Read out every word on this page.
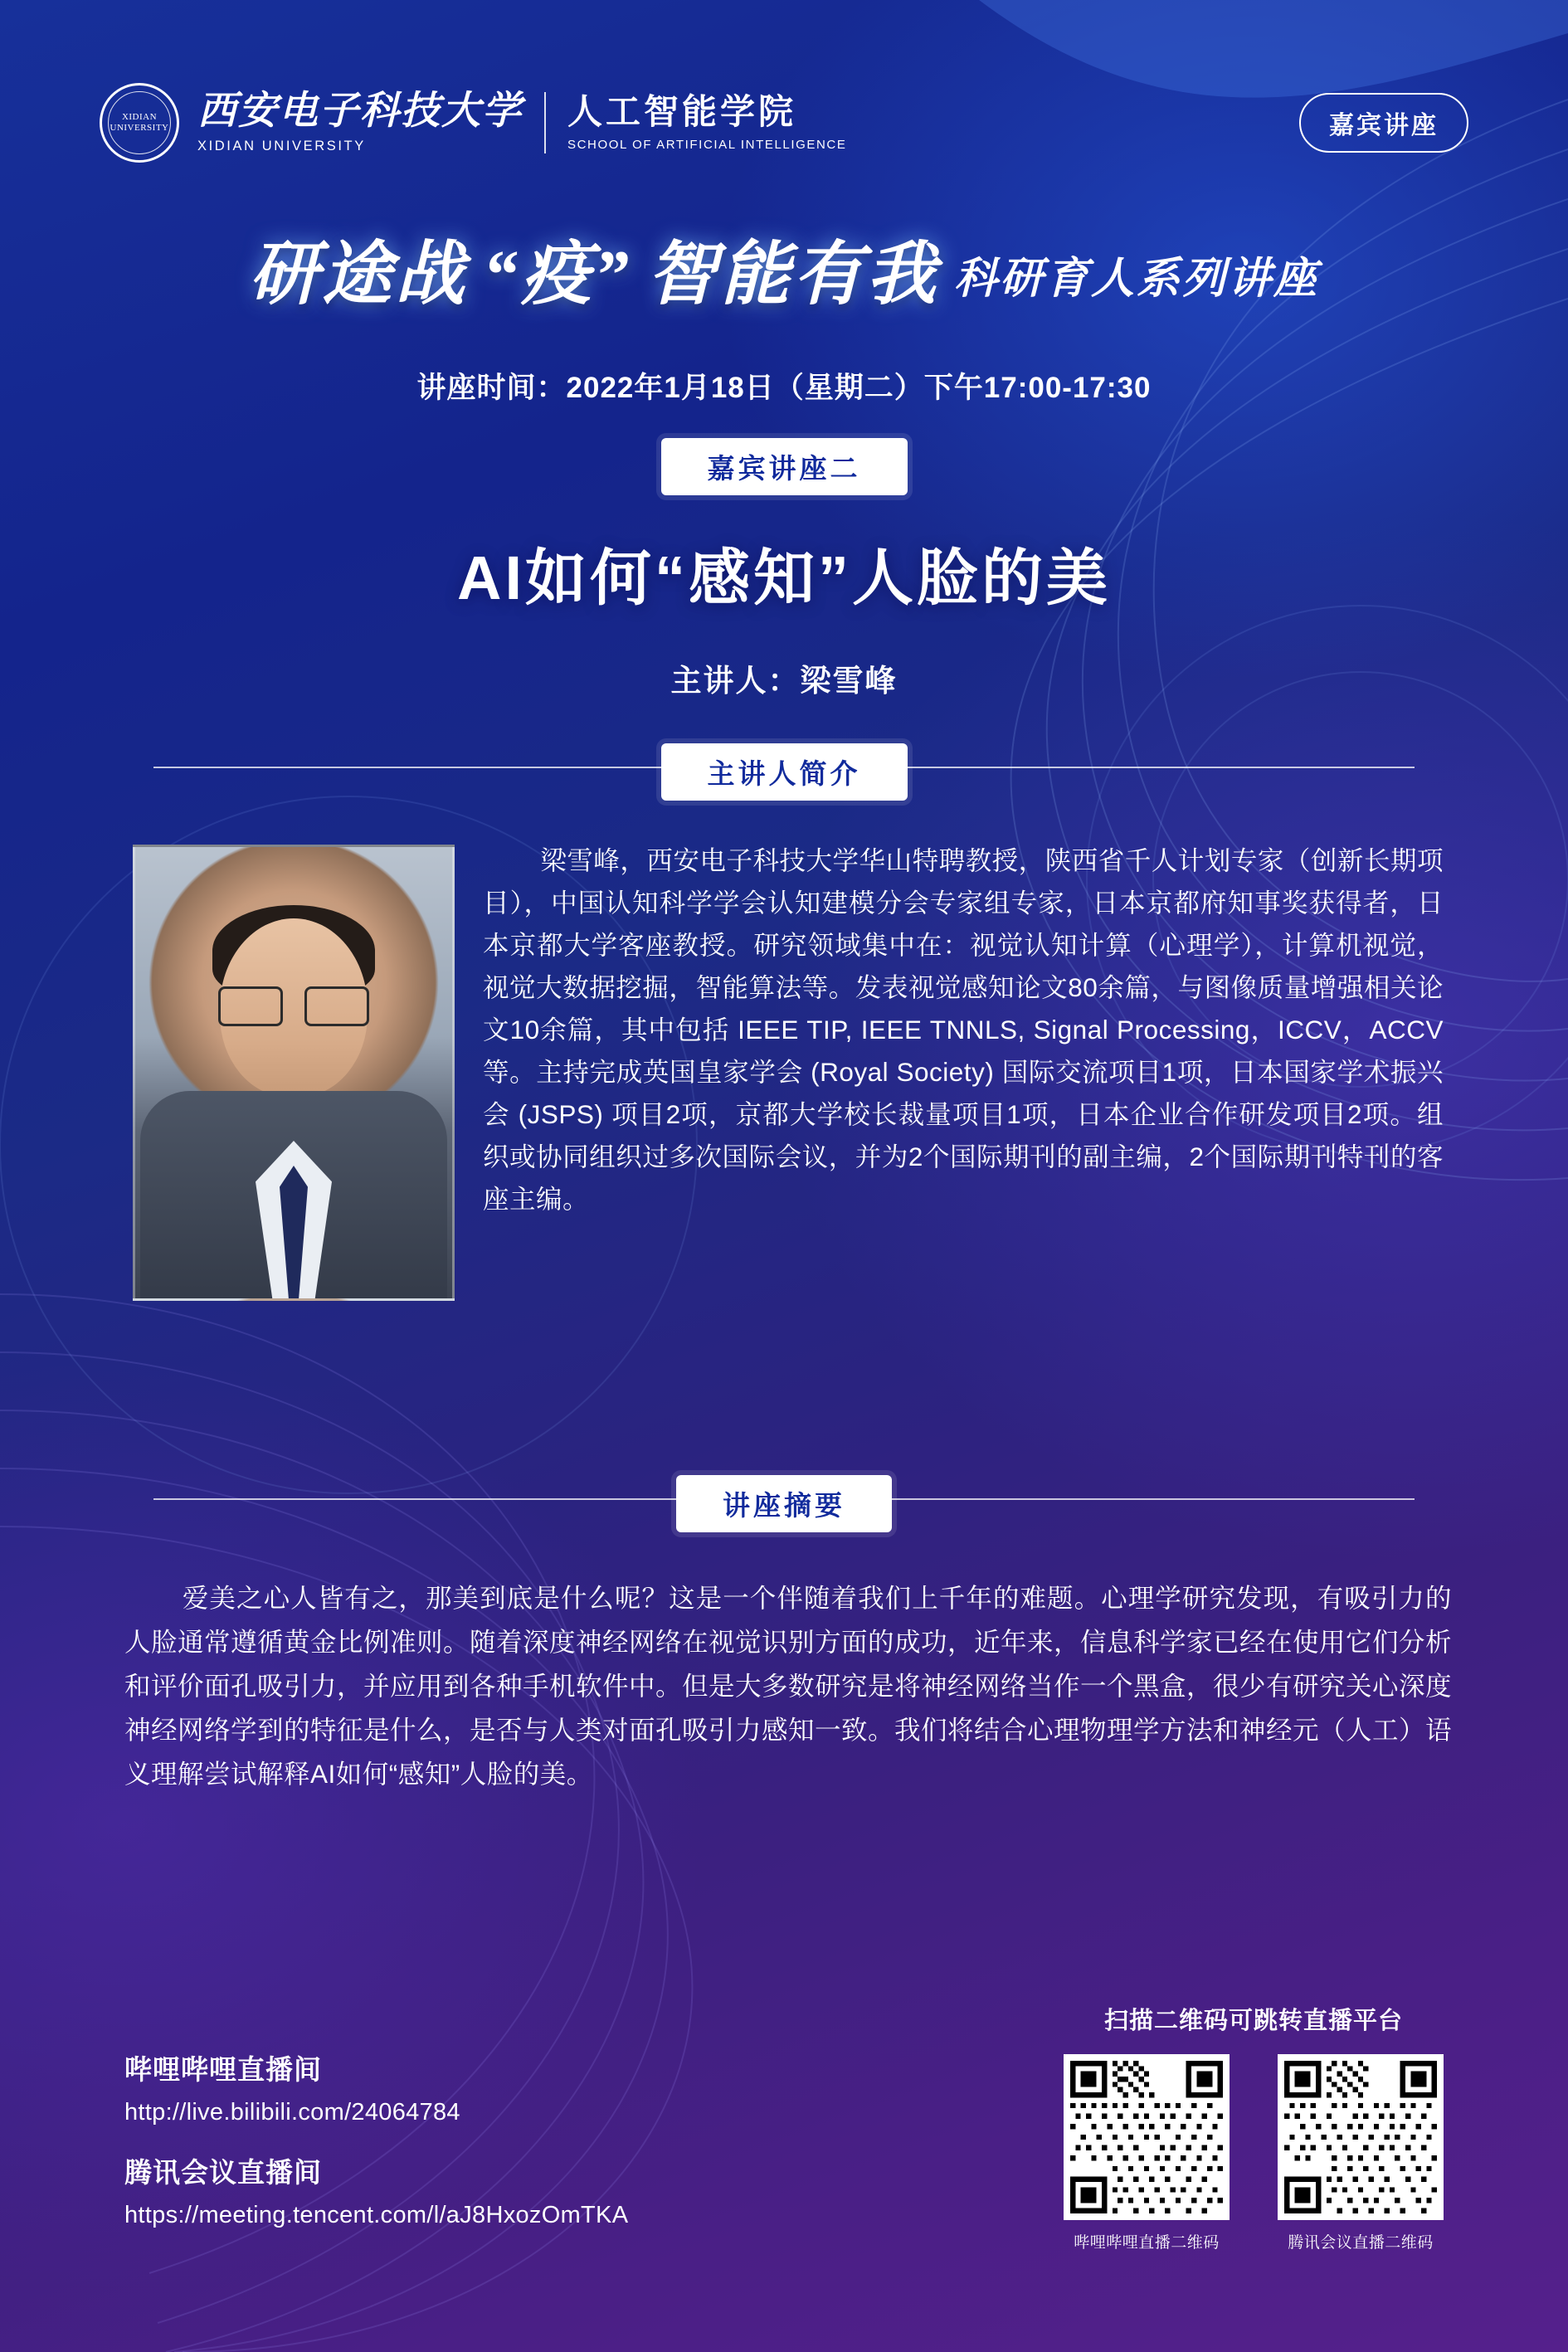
XIDIAN UNIVERSITY 西安电子科技大学
XIDIAN UNIVERSITY
人工智能学院
SCHOOL OF ARTIFICIAL INTELLIGENCE
嘉宾讲座
研途战 “疫” 智能有我 科研育人系列讲座
讲座时间：2022年1月18日（星期二）下午17:00-17:30
嘉宾讲座二
AI如何“感知”人脸的美
主讲人：梁雪峰
主讲人简介
梁雪峰，西安电子科技大学华山特聘教授，陕西省千人计划专家（创新长期项目），中国认知科学学会认知建模分会专家组专家，日本京都府知事奖获得者，日本京都大学客座教授。研究领域集中在：视觉认知计算（心理学），计算机视觉，视觉大数据挖掘，智能算法等。发表视觉感知论文80余篇，与图像质量增强相关论文10余篇，其中包括 IEEE TIP, IEEE TNNLS, Signal Processing，ICCV，ACCV等。主持完成英国皇家学会 (Royal Society) 国际交流项目1项，日本国家学术振兴会 (JSPS) 项目2项，京都大学校长裁量项目1项，日本企业合作研发项目2项。组织或协同组织过多次国际会议，并为2个国际期刊的副主编，2个国际期刊特刊的客座主编。
讲座摘要
爱美之心人皆有之，那美到底是什么呢？这是一个伴随着我们上千年的难题。心理学研究发现，有吸引力的人脸通常遵循黄金比例准则。随着深度神经网络在视觉识别方面的成功，近年来，信息科学家已经在使用它们分析和评价面孔吸引力，并应用到各种手机软件中。但是大多数研究是将神经网络当作一个黑盒，很少有研究关心深度神经网络学到的特征是什么，是否与人类对面孔吸引力感知一致。我们将结合心理物理学方法和神经元（人工）语义理解尝试解释AI如何“感知”人脸的美。
哔哩哔哩直播间
http://live.bilibili.com/24064784
腾讯会议直播间
https://meeting.tencent.com/l/aJ8HxozOmTKA
扫描二维码可跳转直播平台
哔哩哔哩直播二维码	腾讯会议直播二维码
